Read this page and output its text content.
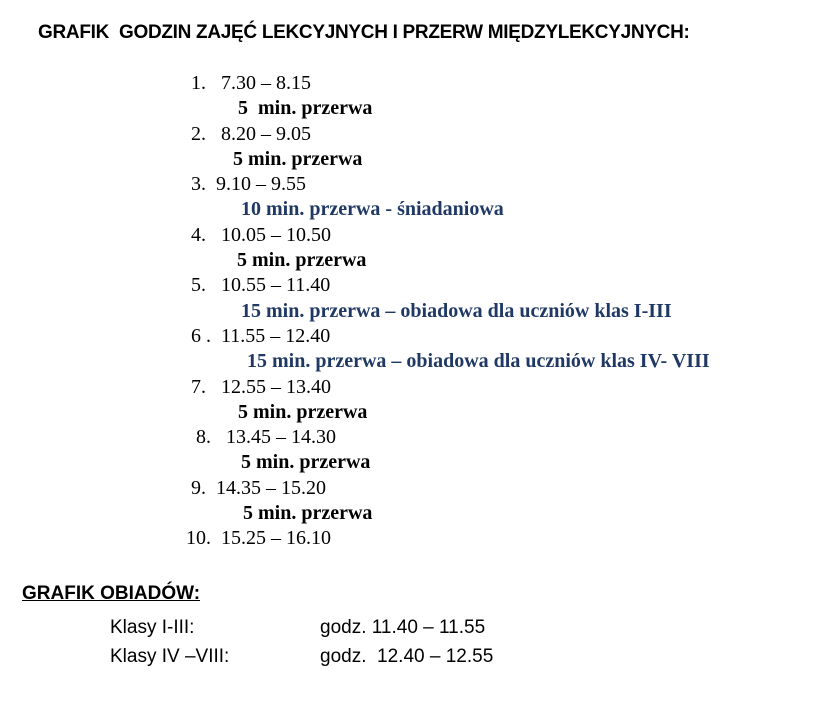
GRAFIK  GODZIN ZAJĘĆ LEKCYJNYCH I PRZERW MIĘDZYLEKCYJNYCH:
1.   7.30 – 8.15
5  min. przerwa
2.   8.20 – 9.05
5 min. przerwa
3.  9.10 – 9.55
10 min. przerwa - śniadaniowa
4.   10.05 – 10.50
5 min. przerwa
5.   10.55 – 11.40
15 min. przerwa – obiadowa dla uczniów klas I-III
6 .  11.55 – 12.40
15 min. przerwa – obiadowa dla uczniów klas IV- VIII
7.   12.55 – 13.40
5 min. przerwa
8.   13.45 – 14.30
5 min. przerwa
9.  14.35 – 15.20
5 min. przerwa
10.  15.25 – 16.10
GRAFIK OBIADÓW:
Klasy I-III:	godz. 11.40 – 11.55
Klasy IV –VIII:	godz.  12.40 – 12.55
